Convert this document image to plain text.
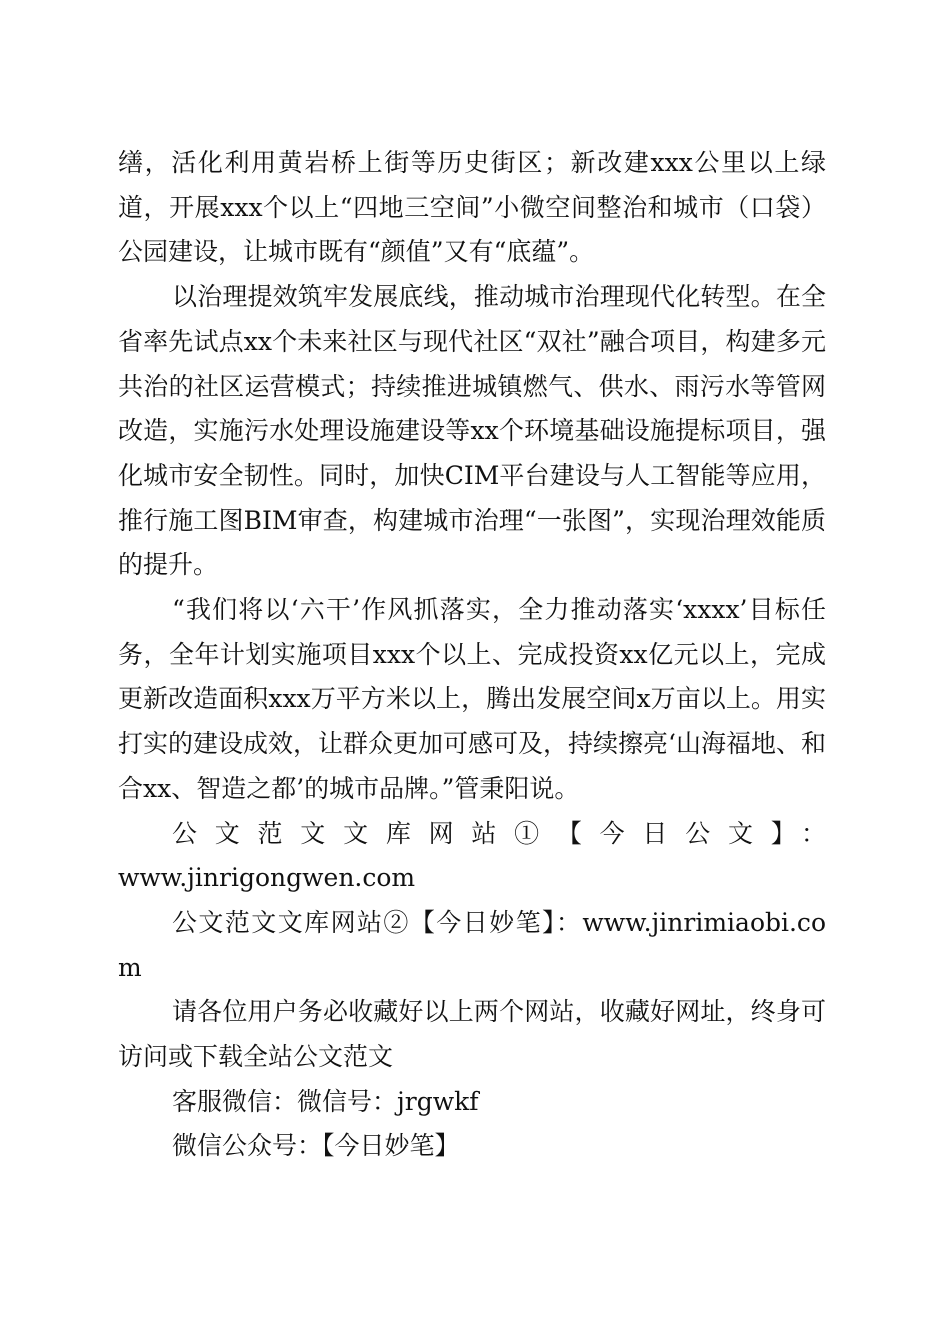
缮，活化利用黄岩桥上街等历史街区；新改建xxx公里以上绿道，开展xxx个以上“四地三空间”小微空间整治和城市（口袋）公园建设，让城市既有“颜值”又有“底蕴”。

以治理提效筑牢发展底线，推动城市治理现代化转型。在全省率先试点xx个未来社区与现代社区“双社”融合项目，构建多元共治的社区运营模式；持续推进城镇燃气、供水、雨污水等管网改造，实施污水处理设施建设等xx个环境基础设施提标项目，强化城市安全韧性。同时，加快CIM平台建设与人工智能等应用，推行施工图BIM审查，构建城市治理“一张图”，实现治理效能质的提升。

“我们将以‘六干’作风抓落实，全力推动落实‘xxxx’目标任务，全年计划实施项目xxx个以上、完成投资xx亿元以上，完成更新改造面积xxx万平方米以上，腾出发展空间x万亩以上。用实打实的建设成效，让群众更加可感可及，持续擦亮‘山海福地、和合xx、智造之都’的城市品牌。”管秉阳说。

公文范文文库网站①【今日公文】：
www.jinrigongwen.com

公文范文文库网站②【今日妙笔】：www.jinrimiaobi.com

请各位用户务必收藏好以上两个网站，收藏好网址，终身可访问或下载全站公文范文

客服微信：微信号：jrgwkf

微信公众号：【今日妙笔】
